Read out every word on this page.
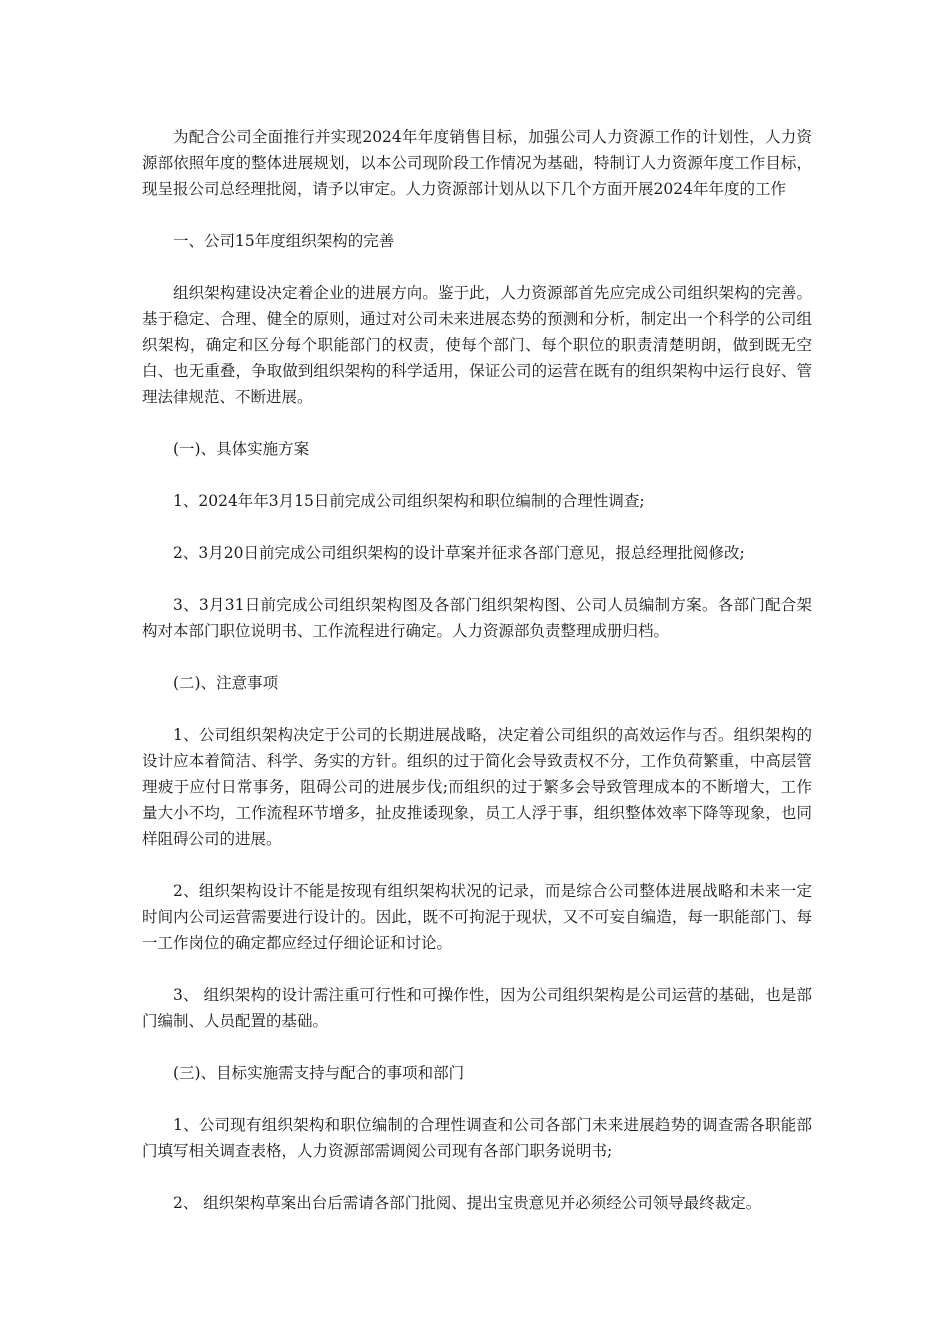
为配合公司全面推行并实现2024年年度销售目标，加强公司人力资源工作的计划性，人力资源部依照年度的整体进展规划，以本公司现阶段工作情况为基础，特制订人力资源年度工作目标，现呈报公司总经理批阅，请予以审定。人力资源部计划从以下几个方面开展2024年年度的工作

一、公司15年度组织架构的完善

组织架构建设决定着企业的进展方向。鉴于此，人力资源部首先应完成公司组织架构的完善。基于稳定、合理、健全的原则，通过对公司未来进展态势的预测和分析，制定出一个科学的公司组织架构，确定和区分每个职能部门的权责，使每个部门、每个职位的职责清楚明朗，做到既无空白、也无重叠，争取做到组织架构的科学适用，保证公司的运营在既有的组织架构中运行良好、管理法律规范、不断进展。

(一)、具体实施方案

1、2024年年3月15日前完成公司组织架构和职位编制的合理性调查;

2、3月20日前完成公司组织架构的设计草案并征求各部门意见，报总经理批阅修改;

3、3月31日前完成公司组织架构图及各部门组织架构图、公司人员编制方案。各部门配合架构对本部门职位说明书、工作流程进行确定。人力资源部负责整理成册归档。

(二)、注意事项

1、公司组织架构决定于公司的长期进展战略，决定着公司组织的高效运作与否。组织架构的设计应本着简洁、科学、务实的方针。组织的过于简化会导致责权不分，工作负荷繁重，中高层管理疲于应付日常事务，阻碍公司的进展步伐;而组织的过于繁多会导致管理成本的不断增大，工作量大小不均，工作流程环节增多，扯皮推诿现象，员工人浮于事，组织整体效率下降等现象，也同样阻碍公司的进展。

2、组织架构设计不能是按现有组织架构状况的记录，而是综合公司整体进展战略和未来一定时间内公司运营需要进行设计的。因此，既不可拘泥于现状，又不可妄自编造，每一职能部门、每一工作岗位的确定都应经过仔细论证和讨论。

3、 组织架构的设计需注重可行性和可操作性，因为公司组织架构是公司运营的基础，也是部门编制、人员配置的基础。

(三)、目标实施需支持与配合的事项和部门

1、公司现有组织架构和职位编制的合理性调查和公司各部门未来进展趋势的调查需各职能部门填写相关调查表格，人力资源部需调阅公司现有各部门职务说明书;

2、 组织架构草案出台后需请各部门批阅、提出宝贵意见并必须经公司领导最终裁定。
